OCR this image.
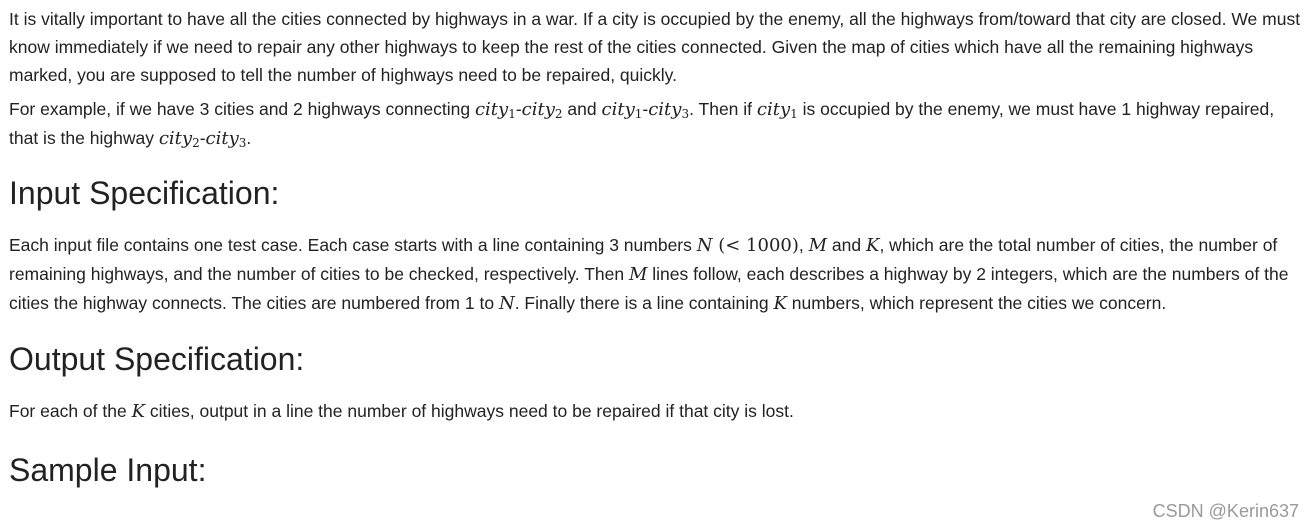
It is vitally important to have all the cities connected by highways in a war. If a city is occupied by the enemy, all the highways from/toward that city are closed. We must know immediately if we need to repair any other highways to keep the rest of the cities connected. Given the map of cities which have all the remaining highways marked, you are supposed to tell the number of highways need to be repaired, quickly.

For example, if we have 3 cities and 2 highways connecting city$_1$-city$_2$ and city$_1$-city$_3$. Then if city$_1$ is occupied by the enemy, we must have 1 highway repaired, that is the highway city$_2$-city$_3$.

Input Specification:

Each input file contains one test case. Each case starts with a line containing 3 numbers N (< 1000), M and K, which are the total number of cities, the number of remaining highways, and the number of cities to be checked, respectively. Then M lines follow, each describes a highway by 2 integers, which are the numbers of the cities the highway connects. The cities are numbered from 1 to N. Finally there is a line containing K numbers, which represent the cities we concern.

Output Specification:

For each of the K cities, output in a line the number of highways need to be repaired if that city is lost.

Sample Input:
CSDN @Kerin637
